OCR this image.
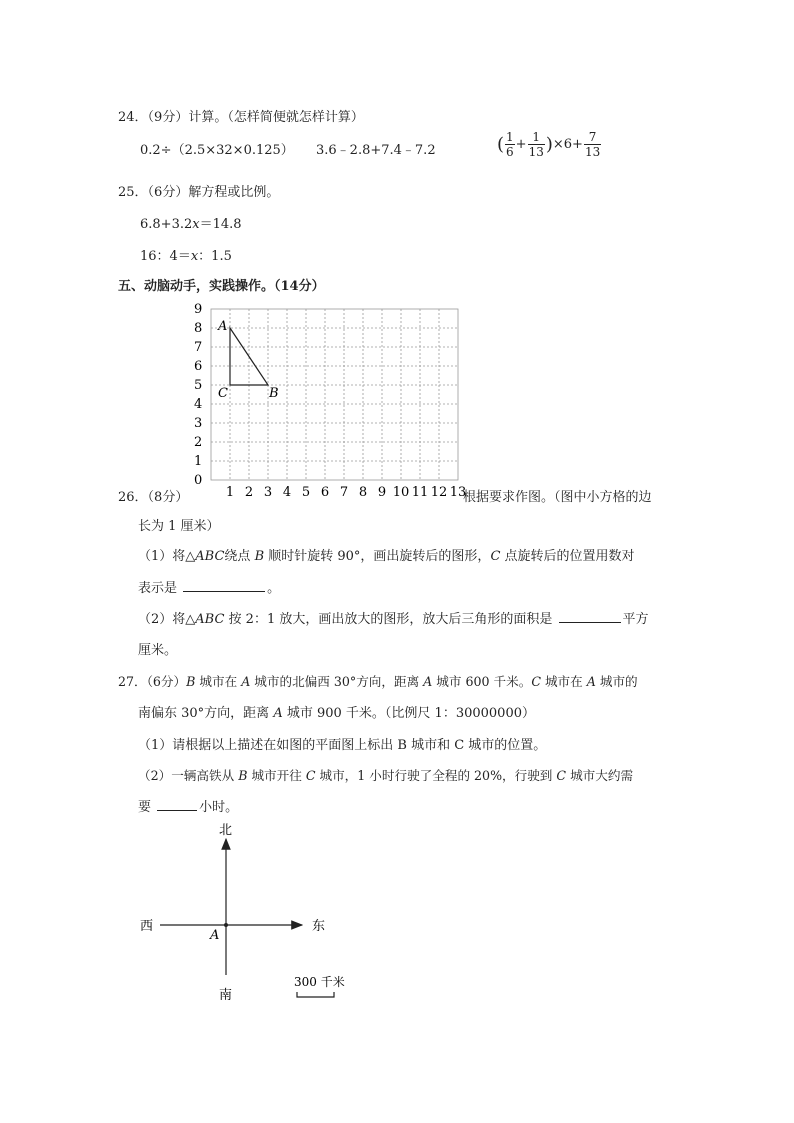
24．（9分）计算。（怎样简便就怎样计算）
0.2÷（2.5×32×0.125） 3.6﹣2.8+7.4﹣7.2	( $\frac{1}{6} + \frac{1}{13} )\times 6+ \frac{7}{13}$
25．（6分）解方程或比例。
6.8+3.2x＝14.8
16：4＝x：1.5
五、动脑动手，实践操作。（14分）
0
1
2
3
4
5
6
7
8
9
1 2 3 4 5 6 7 8 9 10 11 12 13
A
B
C
26．（8分）	根据要求作图。（图中小方格的边
长为 1 厘米）
（1）将△ABC绕点 B 顺时针旋转 90°，画出旋转后的图形，C 点旋转后的位置用数对
表示是	。
（2）将△ABC 按 2：1 放大，画出放大的图形，放大后三角形的面积是	平方
厘米。
27．（6分）B 城市在 A 城市的北偏西 30°方向，距离 A 城市 600 千米。C 城市在 A 城市的
南偏东 30°方向，距离 A 城市 900 千米。（比例尺 1：30000000）
（1）请根据以上描述在如图的平面图上标出 B 城市和 C 城市的位置。
（2）一辆高铁从 B 城市开往 C 城市，1 小时行驶了全程的 20%，行驶到 C 城市大约需
要	小时。
北
南
西	东
A
300 千米
